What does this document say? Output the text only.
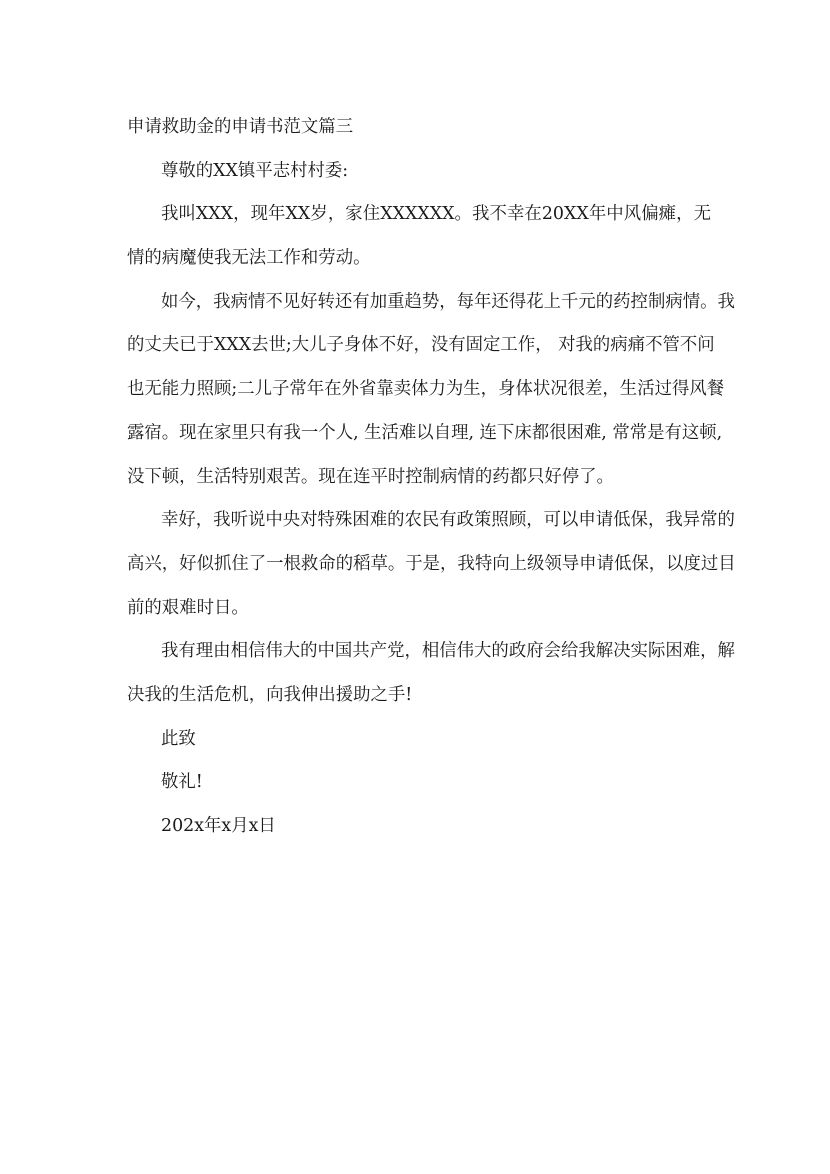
申请救助金的申请书范文篇三
尊敬的XX镇平志村村委:
我叫XXX，现年XX岁，家住XXXXXX。我不幸在20XX年中风偏瘫，无
情的病魔使我无法工作和劳动。
如今，我病情不见好转还有加重趋势，每年还得花上千元的药控制病情。我
的丈夫已于XXX去世;大儿子身体不好，没有固定工作， 对我的病痛不管不问
也无能力照顾;二儿子常年在外省靠卖体力为生，身体状况很差，生活过得风餐
露宿。现在家里只有我一个人, 生活难以自理, 连下床都很困难, 常常是有这顿,
没下顿，生活特别艰苦。现在连平时控制病情的药都只好停了。
幸好，我听说中央对特殊困难的农民有政策照顾，可以申请低保，我异常的
高兴，好似抓住了一根救命的稻草。于是，我特向上级领导申请低保，以度过目
前的艰难时日。
我有理由相信伟大的中国共产党，相信伟大的政府会给我解决实际困难，解
决我的生活危机，向我伸出援助之手!
此致
敬礼!
202x年x月x日
